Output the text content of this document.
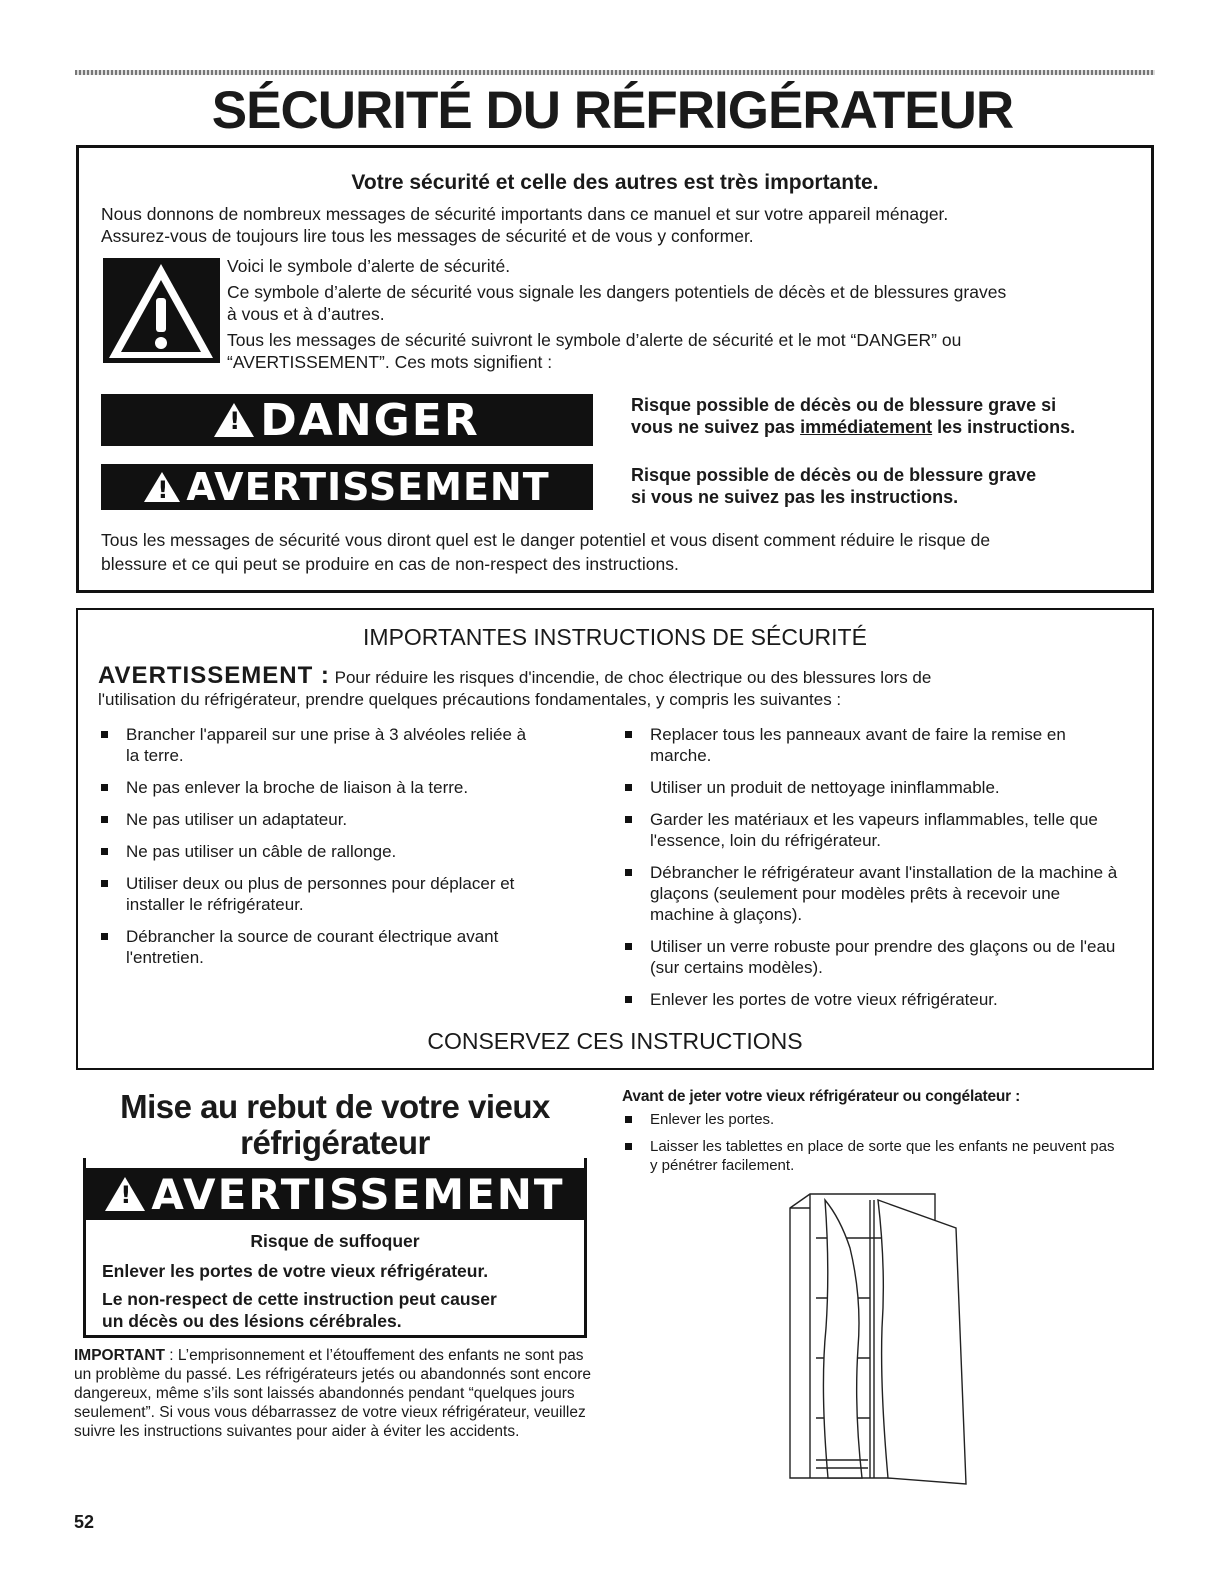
SÉCURITÉ DU RÉFRIGÉRATEUR
Votre sécurité et celle des autres est très importante.
Nous donnons de nombreux messages de sécurité importants dans ce manuel et sur votre appareil ménager.
Assurez-vous de toujours lire tous les messages de sécurité et de vous y conformer.
Voici le symbole d’alerte de sécurité.
Ce symbole d’alerte de sécurité vous signale les dangers potentiels de décès et de blessures graves
à vous et à d’autres.
Tous les messages de sécurité suivront le symbole d’alerte de sécurité et le mot “DANGER” ou
“AVERTISSEMENT”. Ces mots signifient :
!
DANGER	Risque possible de décès ou de blessure grave si
vous ne suivez pas immédiatement les instructions.
!
AVERTISSEMENT	Risque possible de décès ou de blessure grave
si vous ne suivez pas les instructions.
Tous les messages de sécurité vous diront quel est le danger potentiel et vous disent comment réduire le risque de
blessure et ce qui peut se produire en cas de non-respect des instructions.
IMPORTANTES INSTRUCTIONS DE SÉCURITÉ
AVERTISSEMENT : Pour réduire les risques d'incendie, de choc électrique ou des blessures lors de
l'utilisation du réfrigérateur, prendre quelques précautions fondamentales, y compris les suivantes :
Brancher l'appareil sur une prise à 3 alvéoles reliée à la terre.
Ne pas enlever la broche de liaison à la terre.
Ne pas utiliser un adaptateur.
Ne pas utiliser un câble de rallonge.
Utiliser deux ou plus de personnes pour déplacer et installer le réfrigérateur.
Débrancher la source de courant électrique avant l'entretien.
Replacer tous les panneaux avant de faire la remise en marche.
Utiliser un produit de nettoyage ininflammable.
Garder les matériaux et les vapeurs inflammables, telle que l'essence, loin du réfrigérateur.
Débrancher le réfrigérateur avant l'installation de la machine à glaçons (seulement pour modèles prêts à recevoir une machine à glaçons).
Utiliser un verre robuste pour prendre des glaçons ou de l'eau (sur certains modèles).
Enlever les portes de votre vieux réfrigérateur.
CONSERVEZ CES INSTRUCTIONS
Mise au rebut de votre vieux
réfrigérateur
!
AVERTISSEMENT
Risque de suffoquer
Enlever les portes de votre vieux réfrigérateur.
Le non-respect de cette instruction peut causer
un décès ou des lésions cérébrales.
IMPORTANT : L’emprisonnement et l’étouffement des enfants ne sont pas un problème du passé. Les réfrigérateurs jetés ou abandonnés sont encore dangereux, même s’ils sont laissés abandonnés pendant “quelques jours seulement”. Si vous vous débarrassez de votre vieux réfrigérateur, veuillez suivre les instructions suivantes pour aider à éviter les accidents.
Avant de jeter votre vieux réfrigérateur ou congélateur :
Enlever les portes.
Laisser les tablettes en place de sorte que les enfants ne peuvent pas y pénétrer facilement.
52
